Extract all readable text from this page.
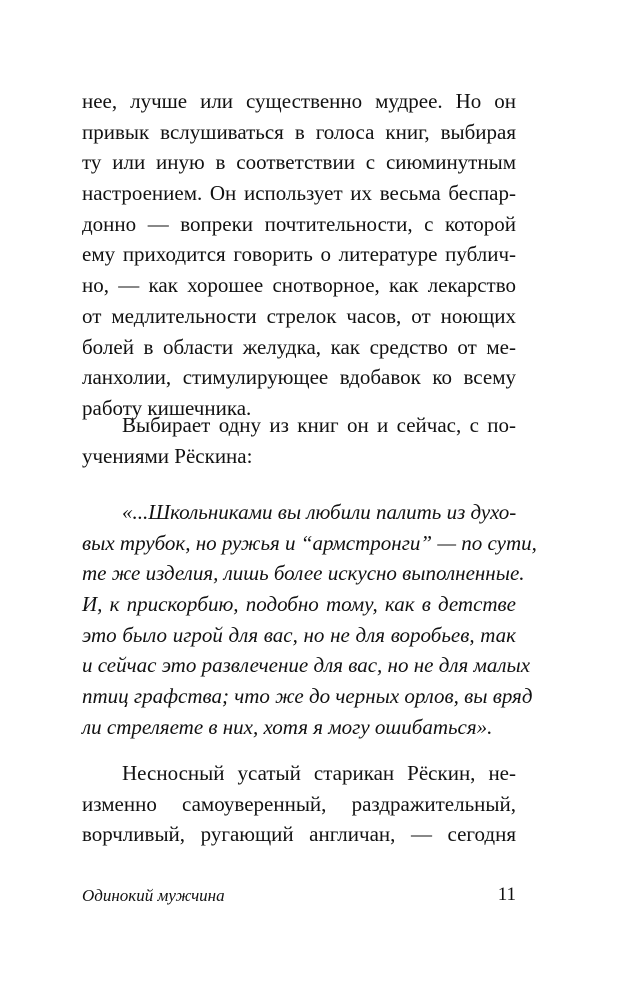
нее, лучше или существенно мудрее. Но он
привык вслушиваться в голоса книг, выбирая
ту или иную в соответствии с сиюминутным
настроением. Он использует их весьма беспар-
донно — вопреки почтительности, с которой
ему приходится говорить о литературе публич-
но, — как хорошее снотворное, как лекарство
от медлительности стрелок часов, от ноющих
болей в области желудка, как средство от ме-
ланхолии, стимулирующее вдобавок ко всему
работу кишечника.
Выбирает одну из книг он и сейчас, с по-
учениями Рёскина:
«...Школьниками вы любили палить из духо-
вых трубок, но ружья и “армстронги” — по сути,
те же изделия, лишь более искусно выполненные.
И, к прискорбию, подобно тому, как в детстве
это было игрой для вас, но не для воробьев, так
и сейчас это развлечение для вас, но не для малых
птиц графства; что же до черных орлов, вы вряд
ли стреляете в них, хотя я могу ошибаться».
Несносный усатый старикан Рёскин, не-
изменно самоуверенный, раздражительный,
ворчливый, ругающий англичан, — сегодня
Одинокий мужчина	11
